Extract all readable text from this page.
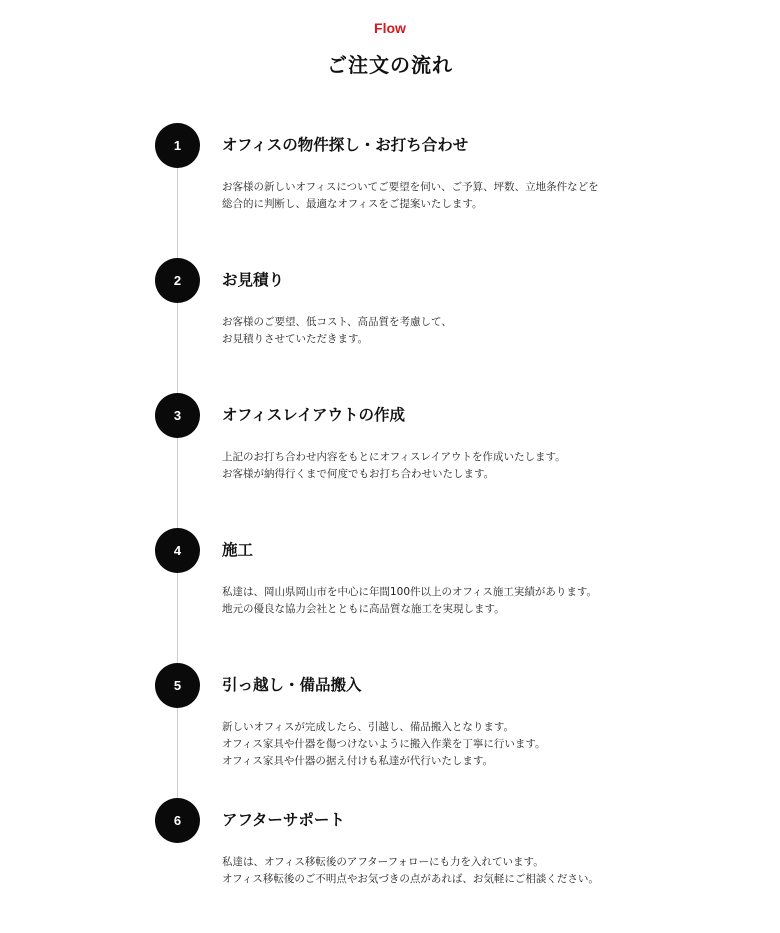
Flow
ご注文の流れ
1	オフィスの物件探し・お打ち合わせ
お客様の新しいオフィスについてご要望を伺い、ご予算、坪数、立地条件などを
総合的に判断し、最適なオフィスをご提案いたします。
2	お見積り
お客様のご要望、低コスト、高品質を考慮して、
お見積りさせていただきます。
3	オフィスレイアウトの作成
上記のお打ち合わせ内容をもとにオフィスレイアウトを作成いたします。
お客様が納得行くまで何度でもお打ち合わせいたします。
4	施工
私達は、岡山県岡山市を中心に年間100件以上のオフィス施工実績があります。
地元の優良な協力会社とともに高品質な施工を実現します。
5	引っ越し・備品搬入
新しいオフィスが完成したら、引越し、備品搬入となります。
オフィス家具や什器を傷つけないように搬入作業を丁寧に行います。
オフィス家具や什器の据え付けも私達が代行いたします。
6	アフターサポート
私達は、オフィス移転後のアフターフォローにも力を入れています。
オフィス移転後のご不明点やお気づきの点があれば、お気軽にご相談ください。
